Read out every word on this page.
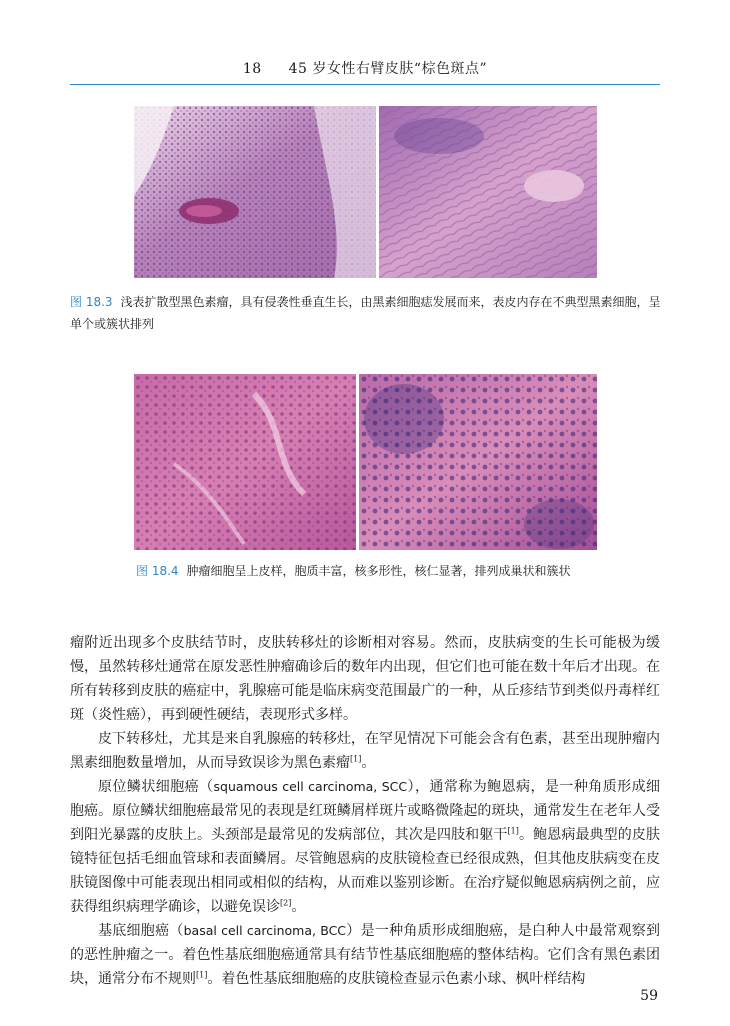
18 45 岁女性右臂皮肤“棕色斑点”
图 18.3 浅表扩散型黑色素瘤，具有侵袭性垂直生长，由黑素细胞痣发展而来，表皮内存在不典型黑素细胞，呈单个或簇状排列
图 18.4 肿瘤细胞呈上皮样，胞质丰富，核多形性，核仁显著，排列成巢状和簇状

瘤附近出现多个皮肤结节时，皮肤转移灶的诊断相对容易。然而，皮肤病变的生长可能极为缓慢，虽然转移灶通常在原发恶性肿瘤确诊后的数年内出现，但它们也可能在数十年后才出现。在所有转移到皮肤的癌症中，乳腺癌可能是临床病变范围最广的一种，从丘疹结节到类似丹毒样红斑（炎性癌），再到硬性硬结，表现形式多样。

皮下转移灶，尤其是来自乳腺癌的转移灶，在罕见情况下可能会含有色素，甚至出现肿瘤内黑素细胞数量增加，从而导致误诊为黑色素瘤[1]。

原位鳞状细胞癌（squamous cell carcinoma, SCC），通常称为鲍恩病，是一种角质形成细胞癌。原位鳞状细胞癌最常见的表现是红斑鳞屑样斑片或略微隆起的斑块，通常发生在老年人受到阳光暴露的皮肤上。头颈部是最常见的发病部位，其次是四肢和躯干[1]。鲍恩病最典型的皮肤镜特征包括毛细血管球和表面鳞屑。尽管鲍恩病的皮肤镜检查已经很成熟，但其他皮肤病变在皮肤镜图像中可能表现出相同或相似的结构，从而难以鉴别诊断。在治疗疑似鲍恩病病例之前，应获得组织病理学确诊，以避免误诊[2]。

基底细胞癌（basal cell carcinoma, BCC）是一种角质形成细胞癌，是白种人中最常观察到的恶性肿瘤之一。着色性基底细胞癌通常具有结节性基底细胞癌的整体结构。它们含有黑色素团块，通常分布不规则[1]。着色性基底细胞癌的皮肤镜检查显示色素小球、枫叶样结构

59
